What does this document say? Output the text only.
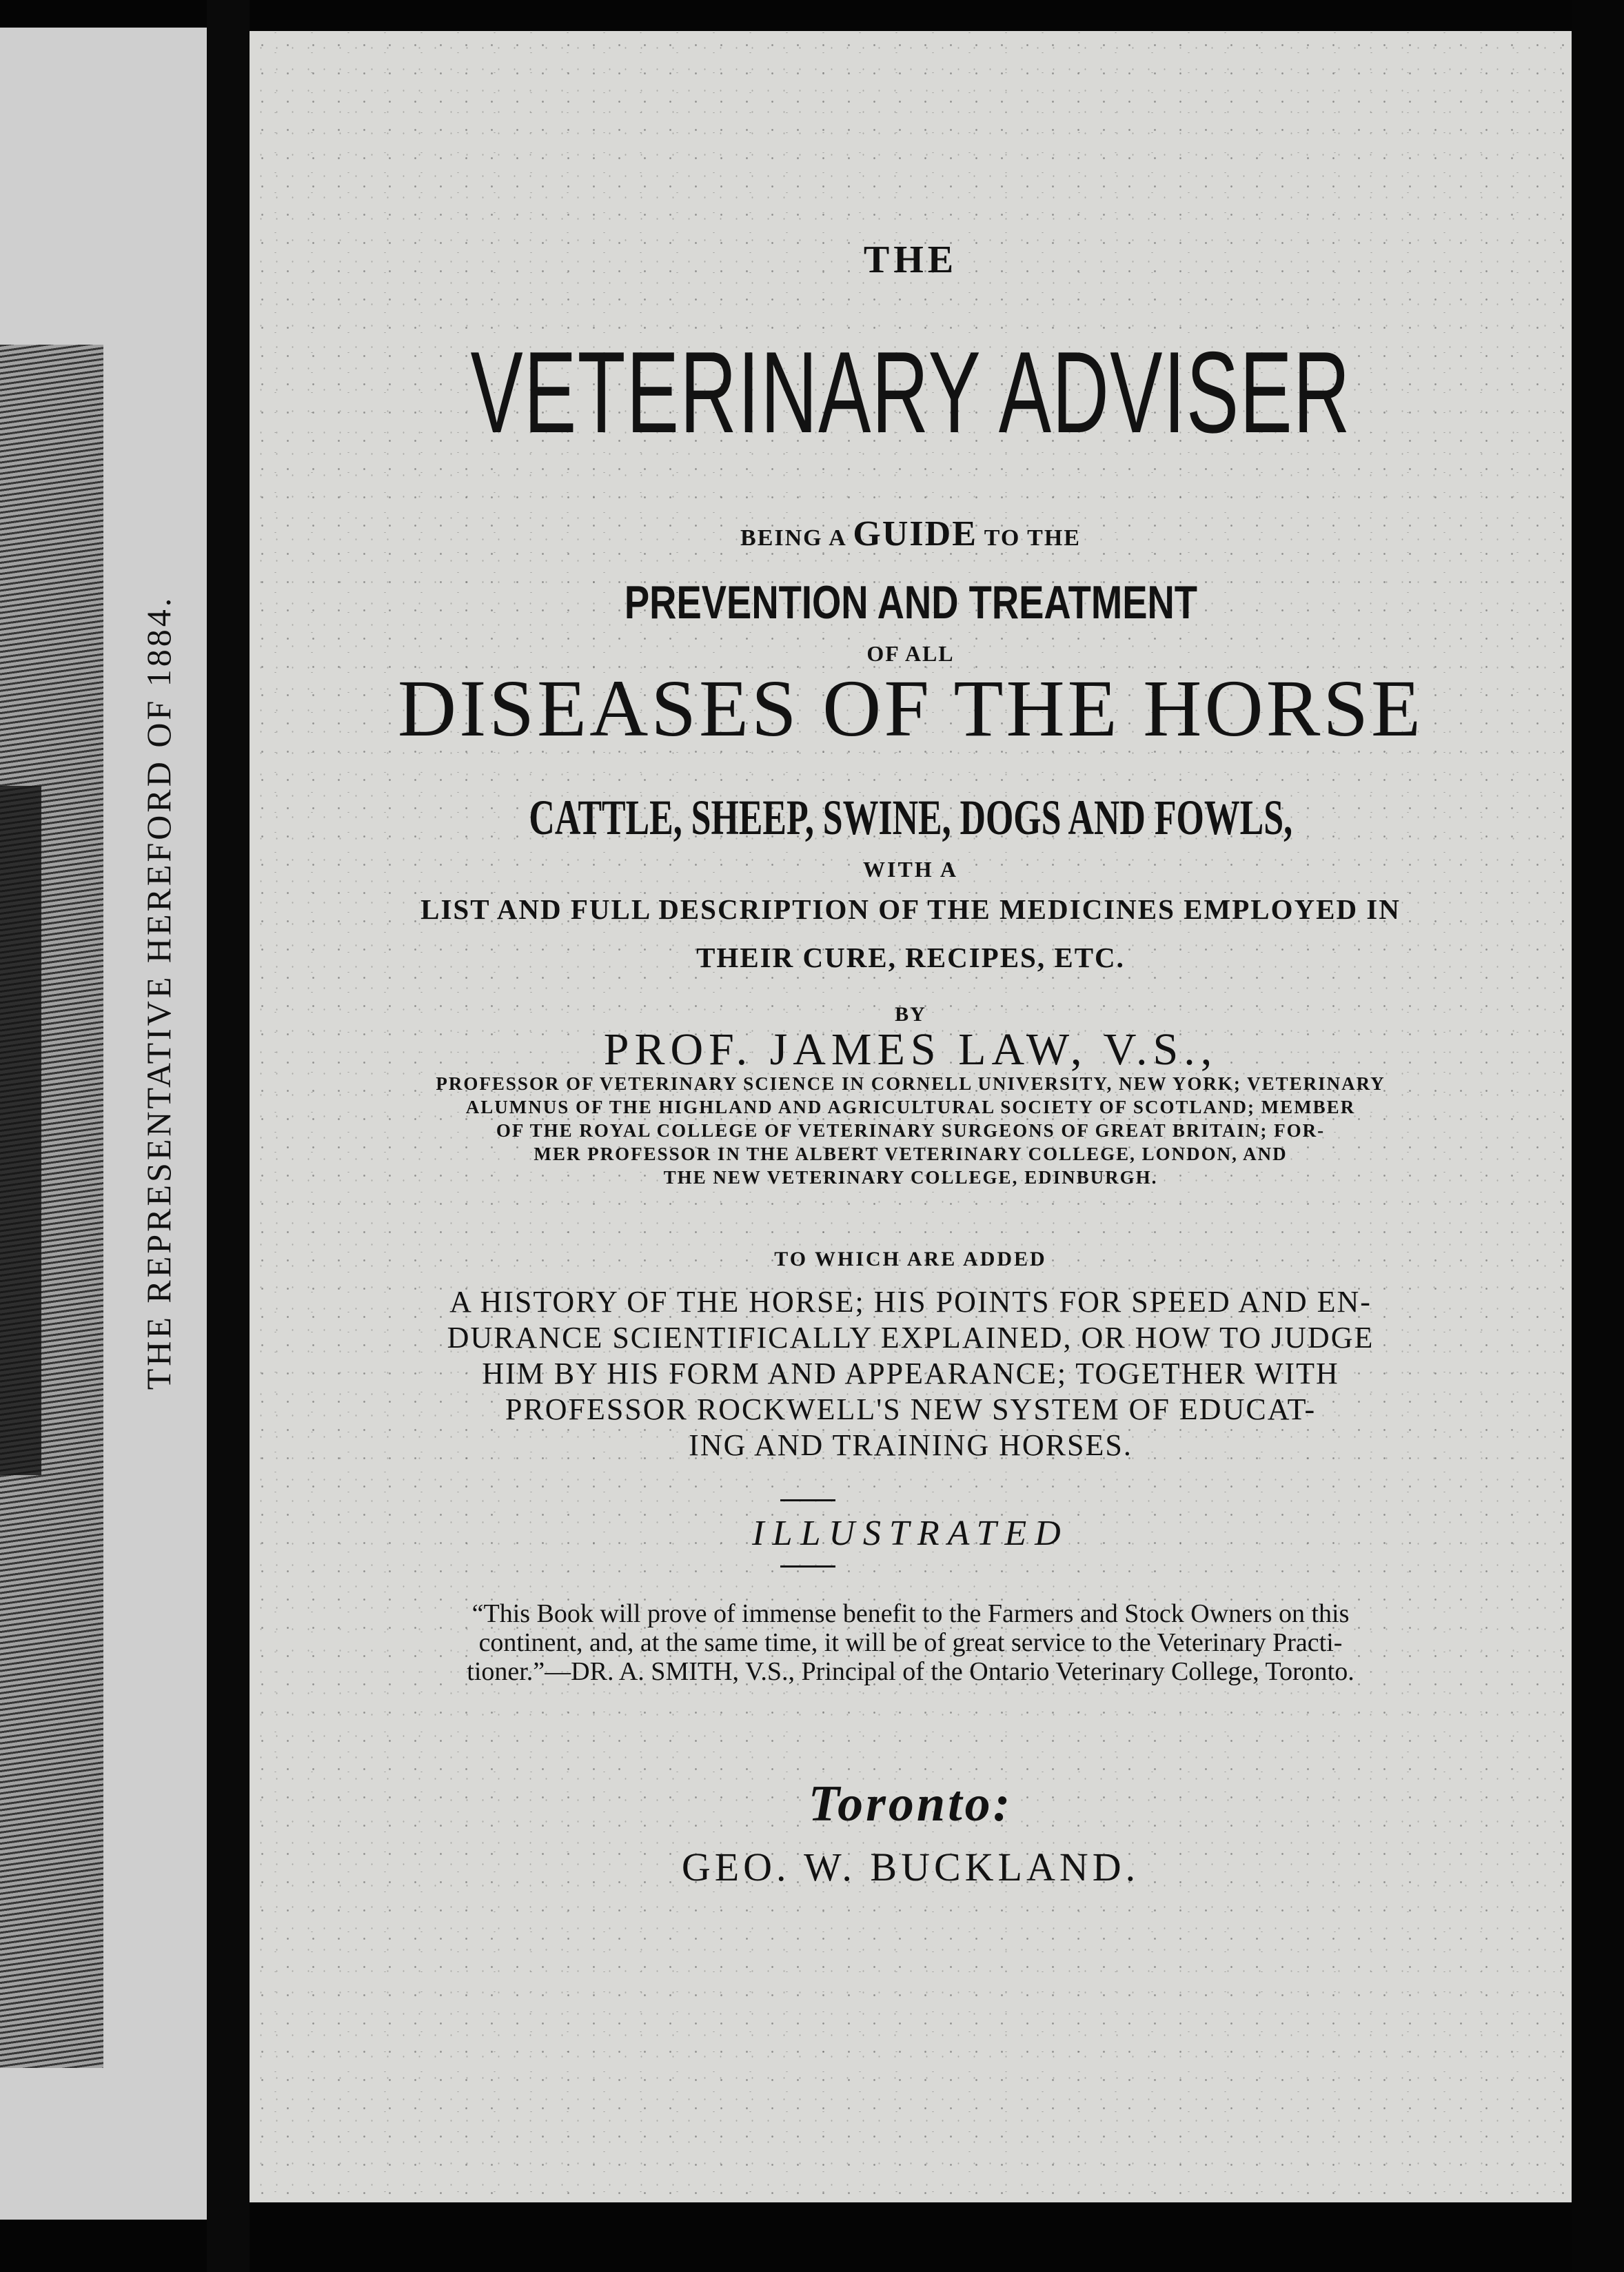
THE REPRESENTATIVE HEREFORD OF 1884.

THE

VETERINARY ADVISER

BEING A GUIDE TO THE

PREVENTION AND TREATMENT

OF ALL

DISEASES OF THE HORSE

CATTLE, SHEEP, SWINE, DOGS AND FOWLS,

WITH A

LIST AND FULL DESCRIPTION OF THE MEDICINES EMPLOYED IN

THEIR CURE, RECIPES, ETC.

BY

PROF. JAMES LAW, V.S.,

PROFESSOR OF VETERINARY SCIENCE IN CORNELL UNIVERSITY, NEW YORK; VETERINARY
ALUMNUS OF THE HIGHLAND AND AGRICULTURAL SOCIETY OF SCOTLAND; MEMBER
OF THE ROYAL COLLEGE OF VETERINARY SURGEONS OF GREAT BRITAIN; FOR-
MER PROFESSOR IN THE ALBERT VETERINARY COLLEGE, LONDON, AND
THE NEW VETERINARY COLLEGE, EDINBURGH.

TO WHICH ARE ADDED

A HISTORY OF THE HORSE; HIS POINTS FOR SPEED AND EN-
DURANCE SCIENTIFICALLY EXPLAINED, OR HOW TO JUDGE
HIM BY HIS FORM AND APPEARANCE; TOGETHER WITH
PROFESSOR ROCKWELL'S NEW SYSTEM OF EDUCAT-
ING AND TRAINING HORSES.

ILLUSTRATED

“This Book will prove of immense benefit to the Farmers and Stock Owners on this
continent, and, at the same time, it will be of great service to the Veterinary Practi-
tioner.”—DR. A. SMITH, V.S., Principal of the Ontario Veterinary College, Toronto.

Toronto:

GEO. W. BUCKLAND.
